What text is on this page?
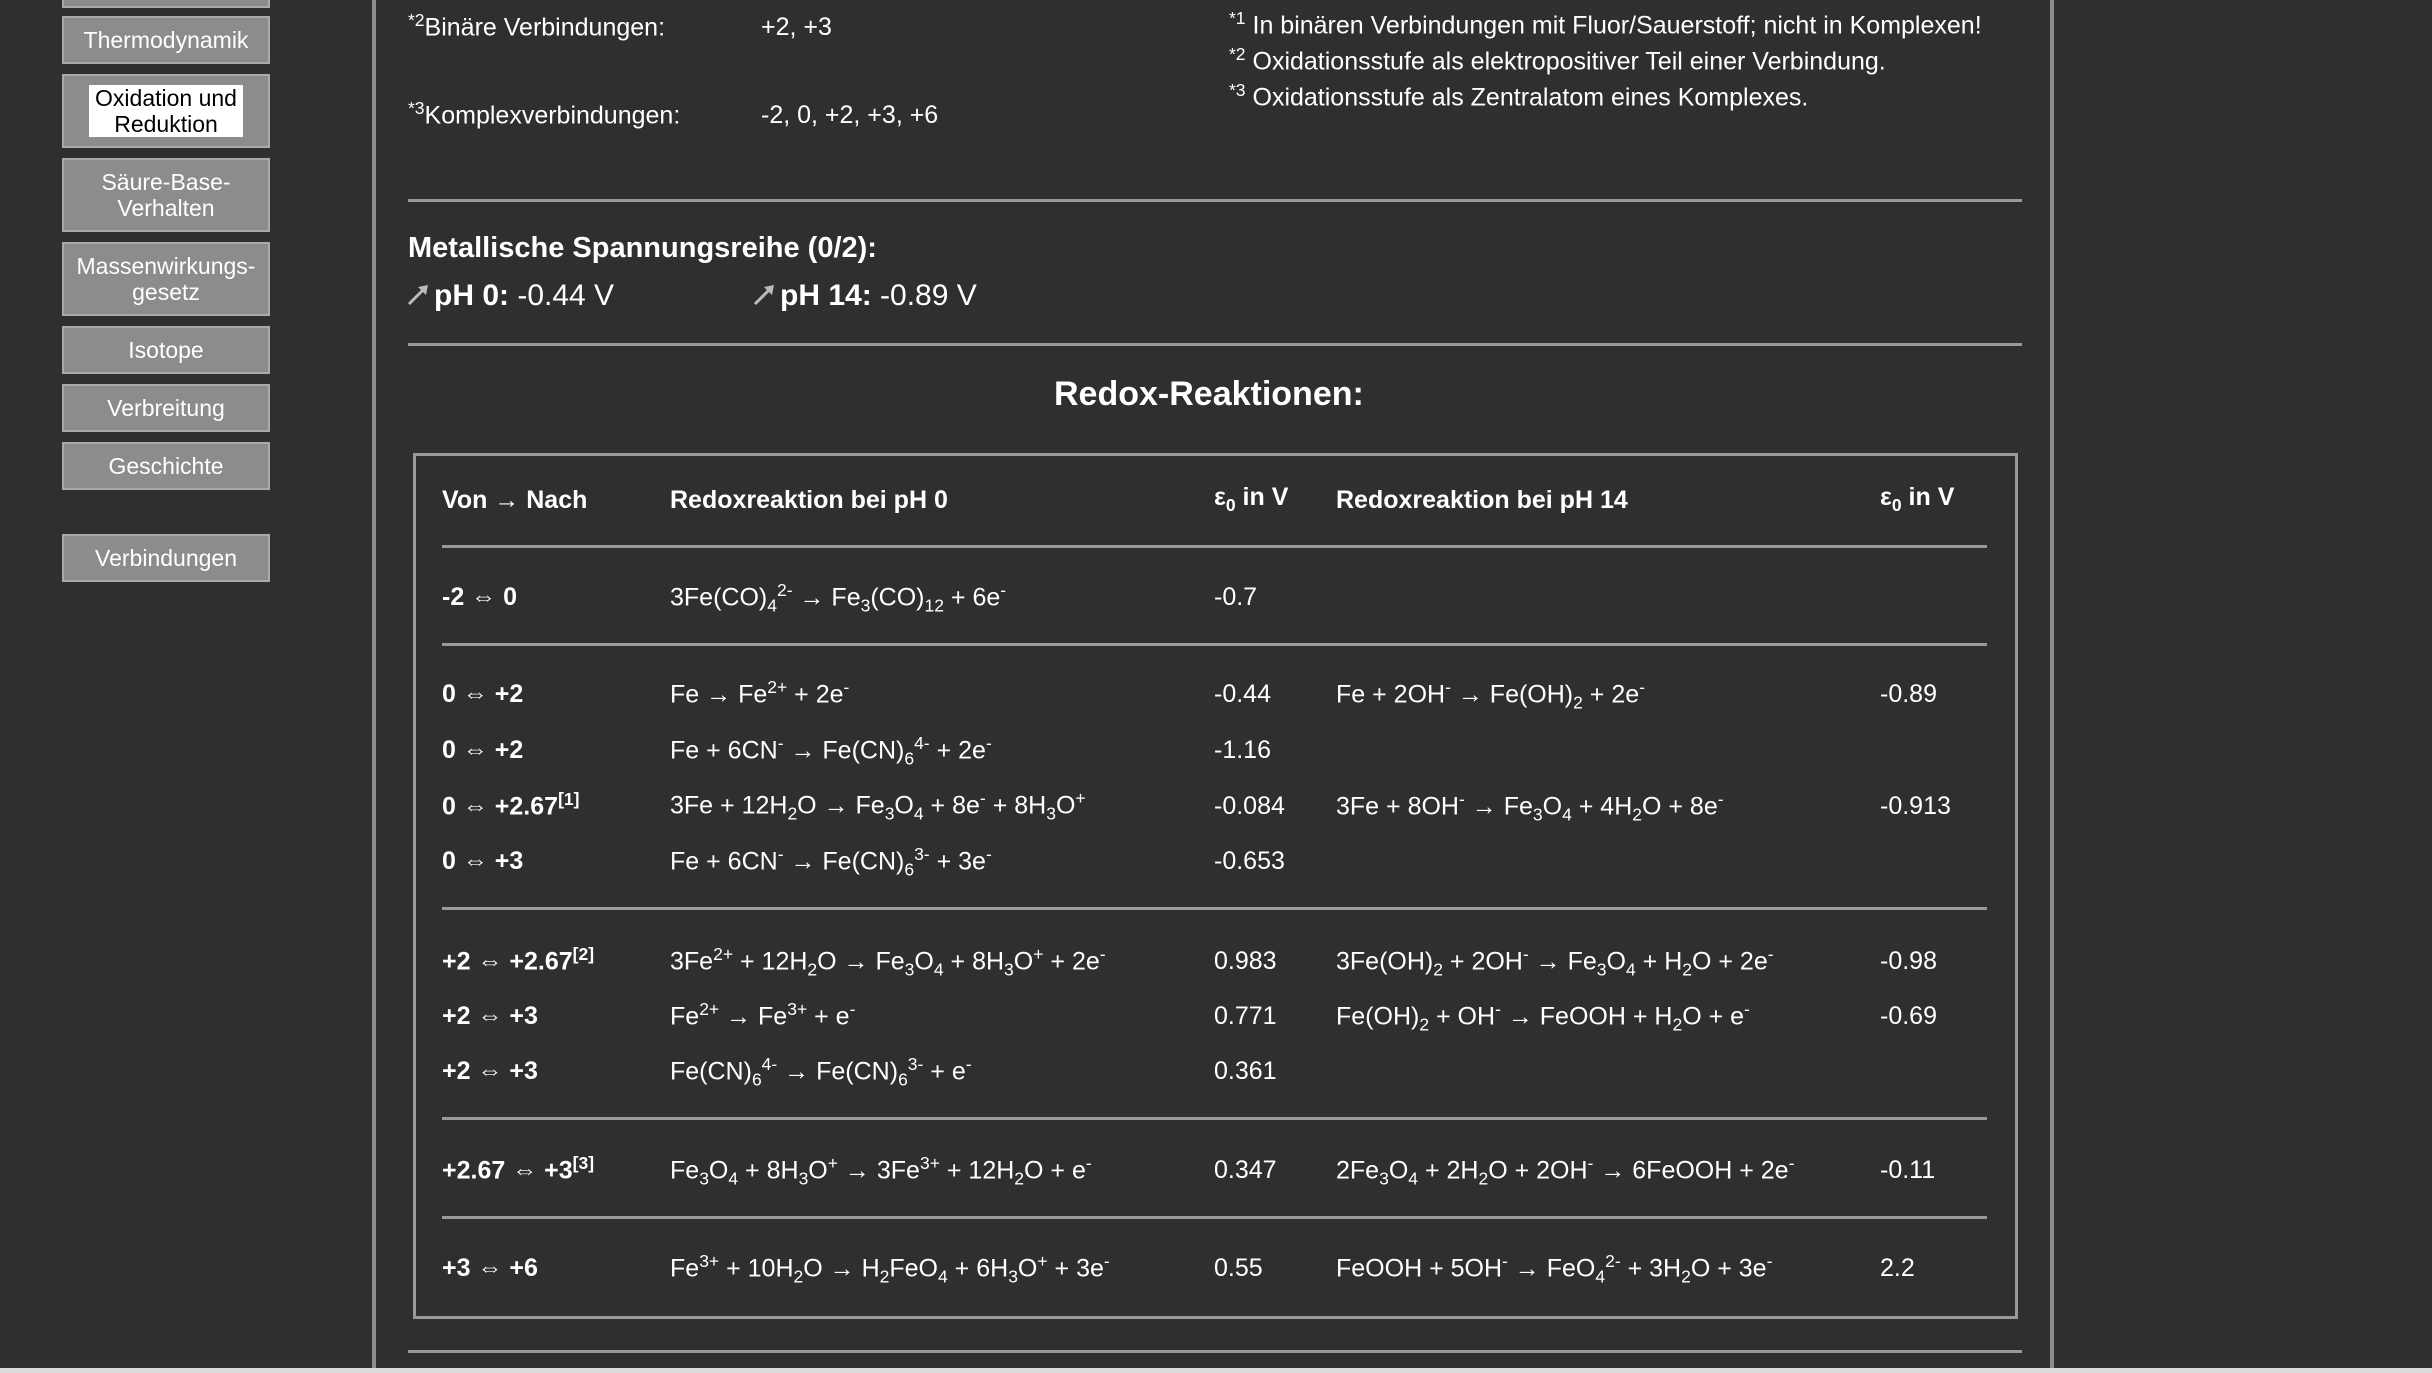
Thermodynamik
Oxidation und Reduktion
Säure-Base-Verhalten
Massenwirkungs-gesetz
Isotope
Verbreitung
Geschichte
Verbindungen
$^{*2}$Binäre Verbindungen:	+2, +3
$^{*3}$Komplexverbindungen:	-2, 0, +2, +3, +6
$^{*1}$ In binären Verbindungen mit Fluor/Sauerstoff; nicht in Komplexen!
$^{*2}$ Oxidationsstufe als elektropositiver Teil einer Verbindung.
$^{*3}$ Oxidationsstufe als Zentralatom eines Komplexes.
Metallische Spannungsreihe (0/2):
pH 0: -0.44 V	pH 14: -0.89 V
Redox-Reaktionen:
Von → Nach	Redoxreaktion bei pH 0	$\varepsilon_0$ in V Redoxreaktion bei pH 14	$\varepsilon_0$ in V
-2 ⇔ 0	$3Fe(CO)_4^{2-} \to Fe_3(CO)_{12} + 6e^-$	-0.7
0 ⇔ +2	$Fe \to Fe^{2+} + 2e^-$	-0.44	$Fe + 2OH^- \to Fe(OH)_2 + 2e^-$	-0.89
0 ⇔ +2	$Fe + 6CN^- \to Fe(CN)_6^{4-} + 2e^-$	-1.16
0 ⇔ +2.67[1]	$3Fe + 12H_2O \to Fe_3O_4 + 8e^- + 8H_3O^+$	-0.084 $3Fe + 8OH^- \to Fe_3O_4 + 4H_2O + 8e^-$	-0.913
0 ⇔ +3	$Fe + 6CN^- \to Fe(CN)_6^{3-} + 3e^-$	-0.653
+2 ⇔ +2.67[2]	$3Fe^{2+} + 12H_2O \to Fe_3O_4 + 8H_3O^+ + 2e^-$	0.983 $3Fe(OH)_2 + 2OH^- \to Fe_3O_4 + H_2O + 2e^-$	-0.98
+2 ⇔ +3	$Fe^{2+} \to Fe^{3+} + e^-$	0.771 $Fe(OH)_2 + OH^-$ → FeOOH + $H_2O + e^-$	-0.69
+2 ⇔ +3	$Fe(CN)_6^{4-} \to Fe(CN)_6^{3-} + e^-$	0.361
+2.67 ⇔ +3[3]	$Fe_3O_4 + 8H_3O^+ \to 3Fe^{3+} + 12H_2O + e^-$	0.347 $2Fe_3O_4 + 2H_2O + 2OH^-$ → 6FeOOH + 2e-	-0.11
+3 ⇔ +6	$Fe^{3+} + 10H_2O \to H_2FeO_4 + 6H_3O^+ + 3e^-$	0.55	FeOOH + $5OH^- \to FeO_4^{2-} + 3H_2O + 3e^-$	2.2
